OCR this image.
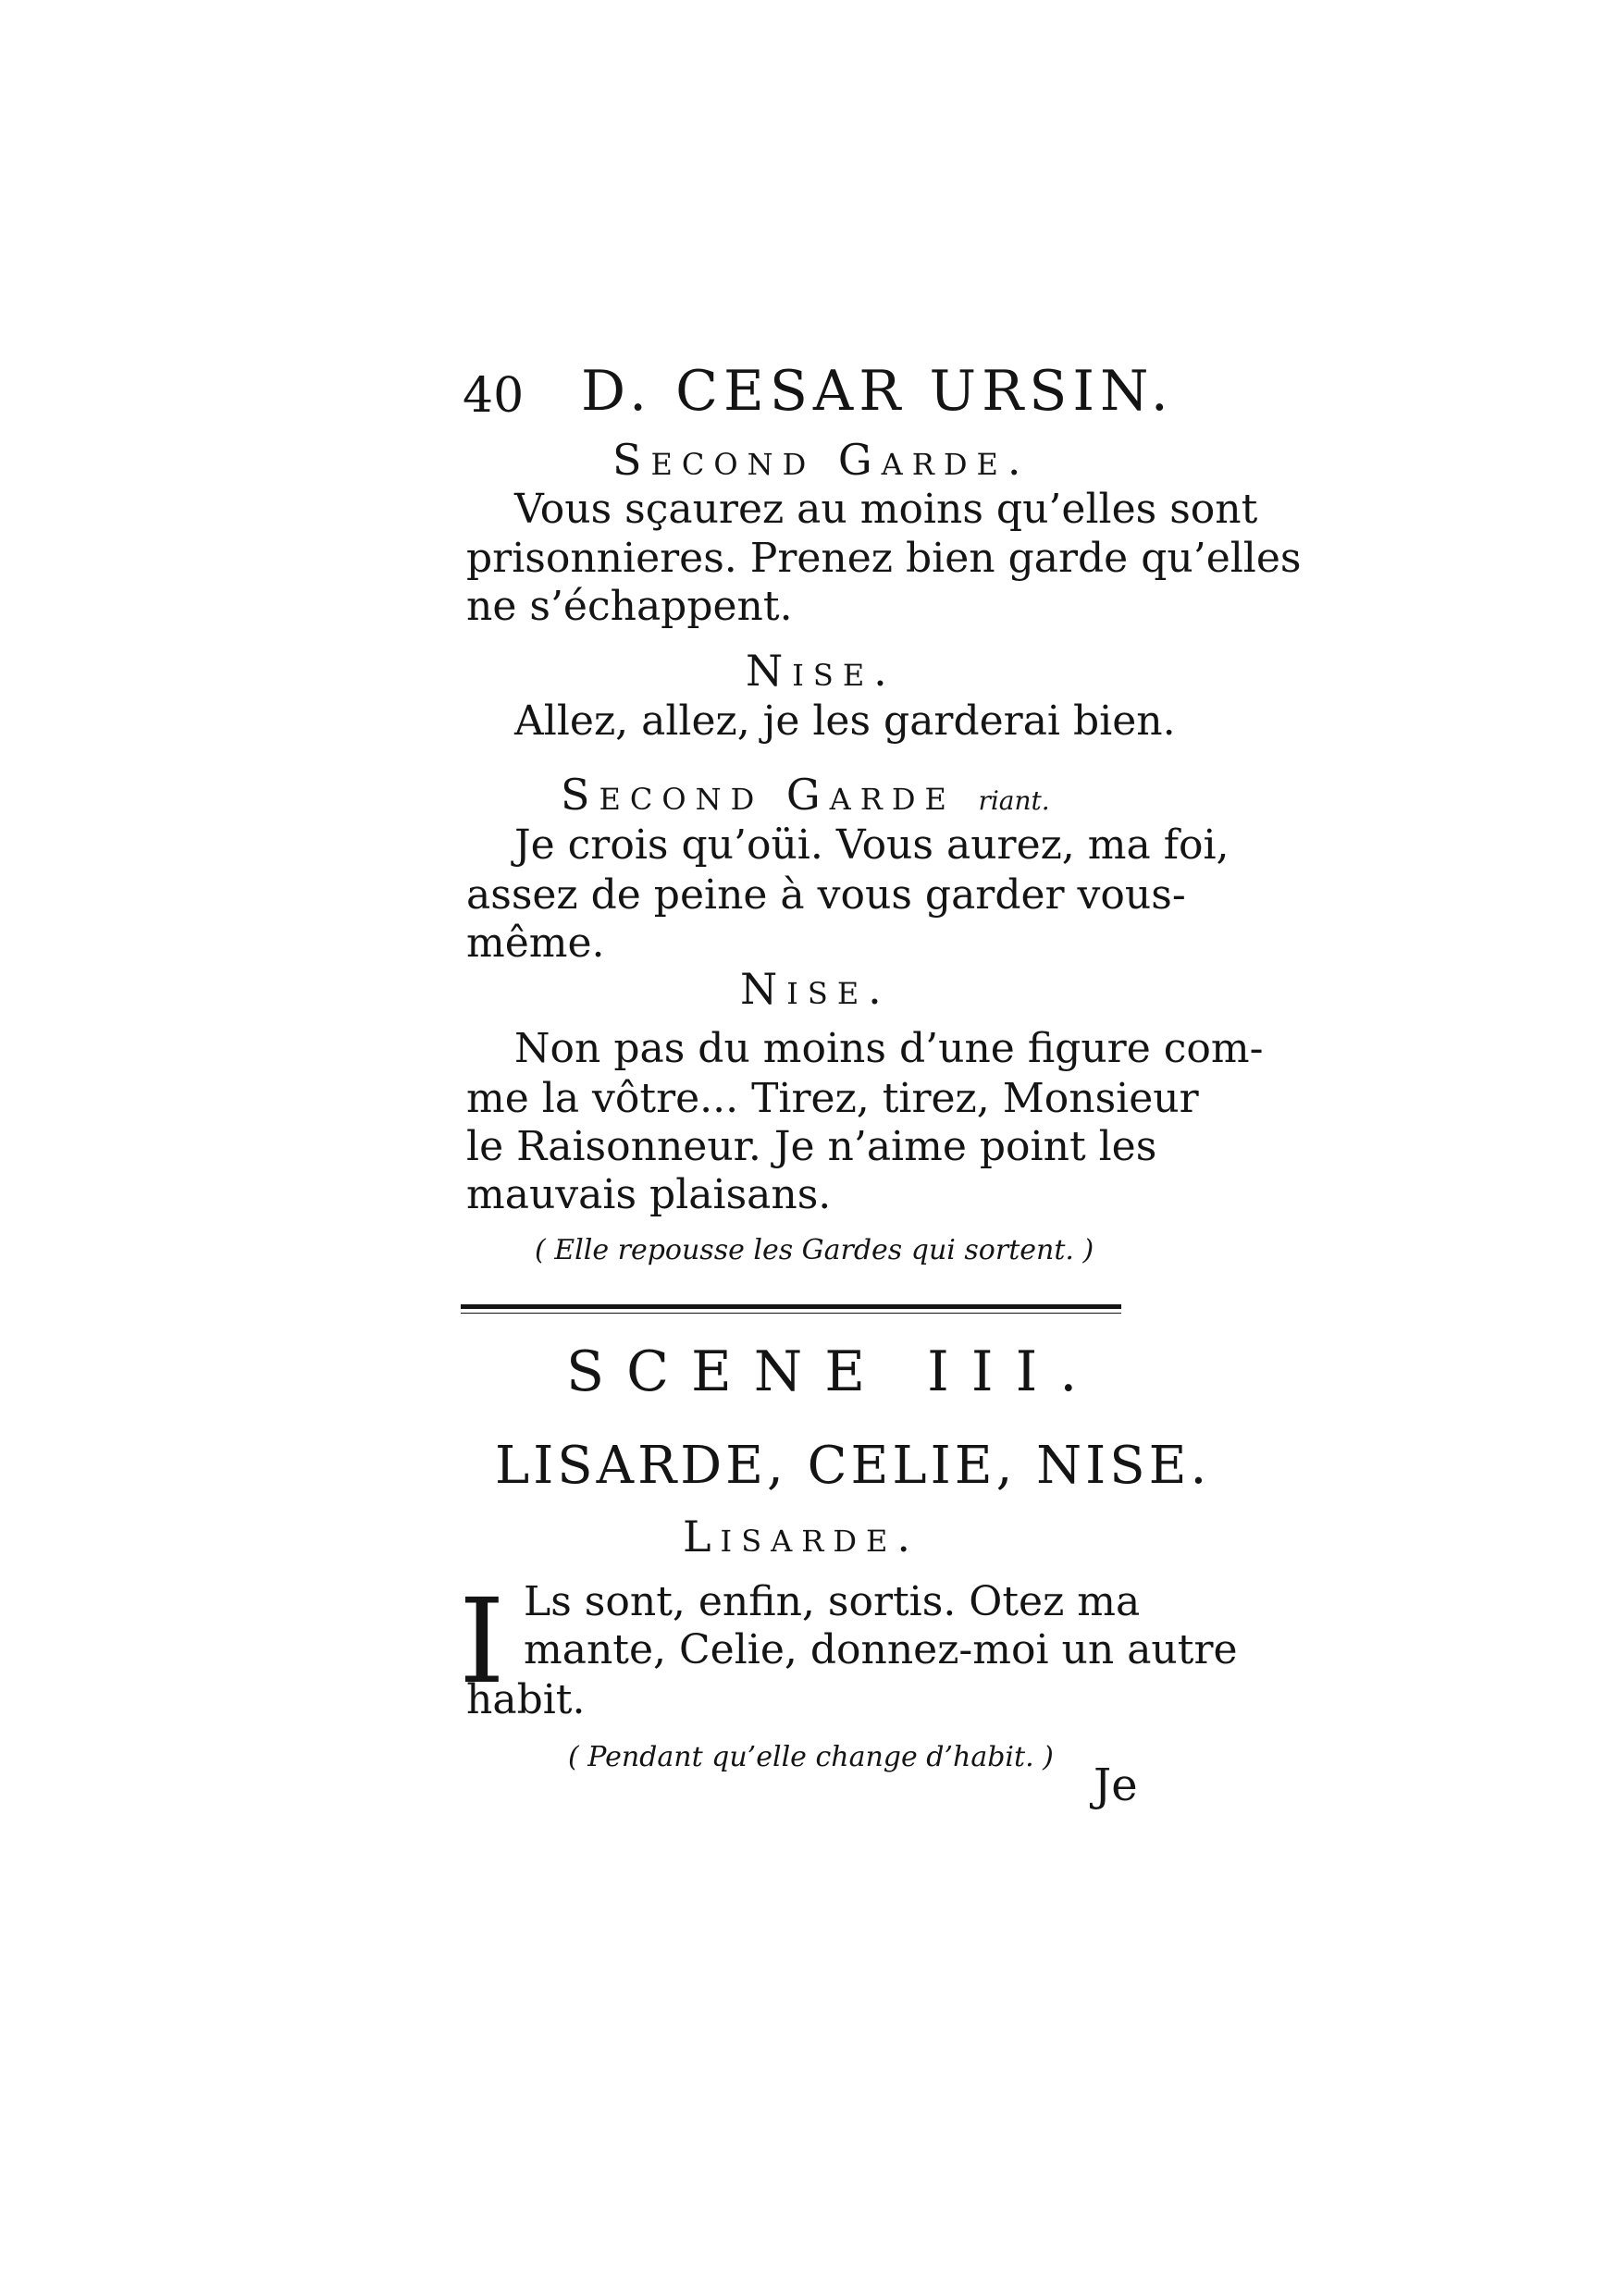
40 D. CESAR URSIN.
Second Garde.
Vous sçaurez au moins qu’elles sont
prisonnieres. Prenez bien garde qu’elles
ne s’échappent.
Nise.
Allez, allez, je les garderai bien.
Second Garde riant.
Je crois qu’oüi. Vous aurez, ma foi,
assez de peine à vous garder vous-
même.
Nise.
Non pas du moins d’une figure com-
me la vôtre... Tirez, tirez, Monsieur
le Raisonneur. Je n’aime point les
mauvais plaisans.
( Elle repousse les Gardes qui sortent. )
SCENE III.
LISARDE, CELIE, NISE.
Lisarde.
I Ls sont, enfin, sortis. Otez ma
mante, Celie, donnez-moi un autre
habit.
( Pendant qu’elle change d’habit. )
Je
